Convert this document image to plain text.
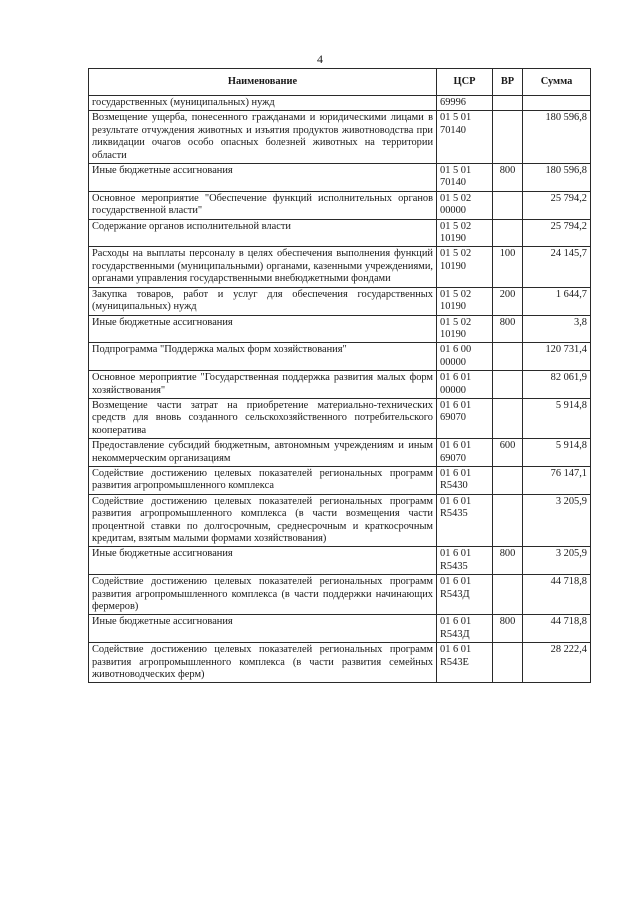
4
Наименование	ЦСР	ВР	Сумма
государственных (муниципальных) нужд	69996		
Возмещение ущерба, понесенного гражданами и юридическими лицами в результате отчуждения животных и изъятия продуктов животноводства при ликвидации очагов особо опасных болезней животных на территории области	01 5 01 70140		180 596,8
Иные бюджетные ассигнования	01 5 01 70140	800	180 596,8
Основное мероприятие "Обеспечение функций исполнительных органов государственной власти"	01 5 02 00000		25 794,2
Содержание органов исполнительной власти	01 5 02 10190		25 794,2
Расходы на выплаты персоналу в целях обеспечения выполнения функций государственными (муниципальными) органами, казенными учреждениями, органами управления государственными внебюджетными фондами	01 5 02 10190	100	24 145,7
Закупка товаров, работ и услуг для обеспечения государственных (муниципальных) нужд	01 5 02 10190	200	1 644,7
Иные бюджетные ассигнования	01 5 02 10190	800	3,8
Подпрограмма "Поддержка малых форм хозяйствования"	01 6 00 00000		120 731,4
Основное мероприятие "Государственная поддержка развития малых форм хозяйствования"	01 6 01 00000		82 061,9
Возмещение части затрат на приобретение материально-технических средств для вновь созданного сельскохозяйственного потребительского кооператива	01 6 01 69070		5 914,8
Предоставление субсидий бюджетным, автономным учреждениям и иным некоммерческим организациям	01 6 01 69070	600	5 914,8
Содействие достижению целевых показателей региональных программ развития агропромышленного комплекса	01 6 01 R5430		76 147,1
Содействие достижению целевых показателей региональных программ развития агропромышленного комплекса (в части возмещения части процентной ставки по долгосрочным, среднесрочным и краткосрочным кредитам, взятым малыми формами хозяйствования)	01 6 01 R5435		3 205,9
Иные бюджетные ассигнования	01 6 01 R5435	800	3 205,9
Содействие достижению целевых показателей региональных программ развития агропромышленного комплекса (в части поддержки начинающих фермеров)	01 6 01 R543Д		44 718,8
Иные бюджетные ассигнования	01 6 01 R543Д	800	44 718,8
Содействие достижению целевых показателей региональных программ развития агропромышленного комплекса (в части развития семейных животноводческих ферм)	01 6 01 R543Е		28 222,4
